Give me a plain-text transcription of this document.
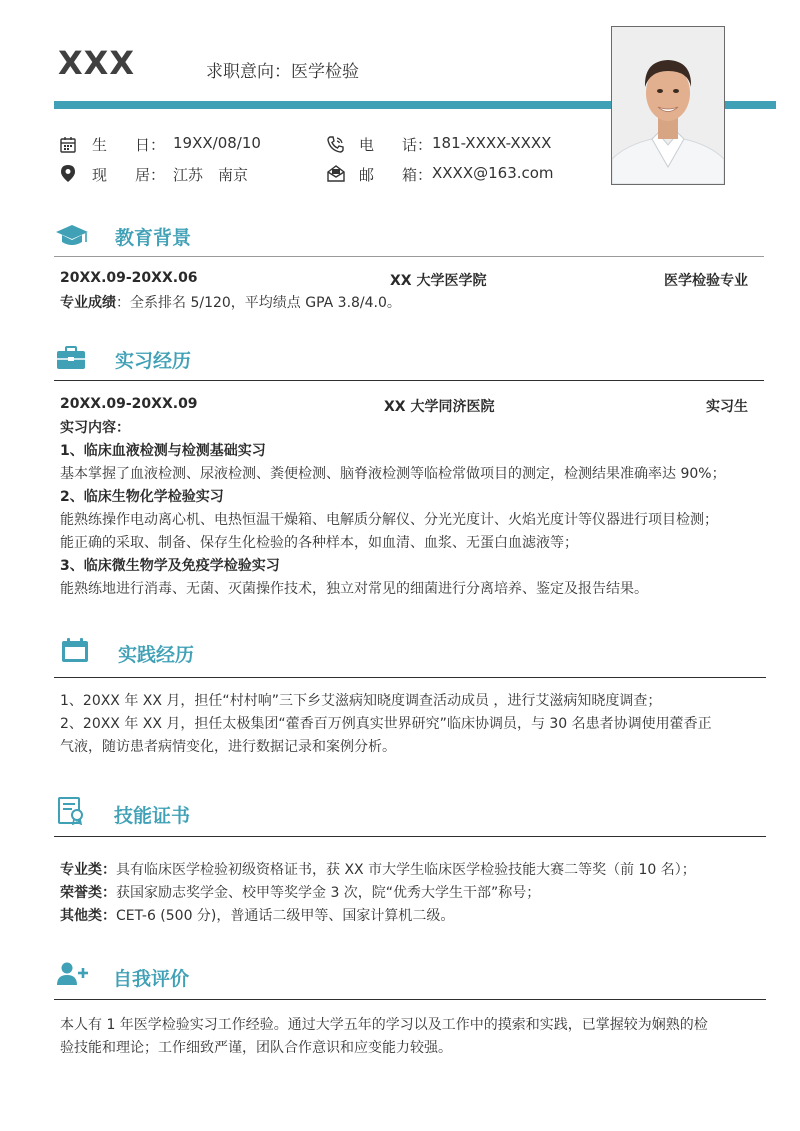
XXX	求职意向：医学检验
生 日： 19XX/08/10	电 话： 181-XXXX-XXXX
现 居： 江苏　南京	邮 箱： XXXX@163.com
教育背景
20XX.09-20XX.06	XX 大学医学院	医学检验专业
专业成绩：全系排名 5/120，平均绩点 GPA 3.8/4.0。
实习经历
20XX.09-20XX.09	XX 大学同济医院	实习生
实习内容：
1、临床血液检测与检测基础实习
基本掌握了血液检测、尿液检测、粪便检测、脑脊液检测等临检常做项目的测定，检测结果准确率达 90%；
2、临床生物化学检验实习
能熟练操作电动离心机、电热恒温干燥箱、电解质分解仪、分光光度计、火焰光度计等仪器进行项目检测；
能正确的采取、制备、保存生化检验的各种样本，如血清、血浆、无蛋白血滤液等；
3、临床微生物学及免疫学检验实习
能熟练地进行消毒、无菌、灭菌操作技术，独立对常见的细菌进行分离培养、鉴定及报告结果。
实践经历
1、20XX 年 XX 月，担任“村村响”三下乡艾滋病知晓度调查活动成员 ，进行艾滋病知晓度调查；
2、20XX 年 XX 月，担任太极集团“藿香百万例真实世界研究”临床协调员，与 30 名患者协调使用藿香正
气液，随访患者病情变化，进行数据记录和案例分析。
技能证书
专业类：具有临床医学检验初级资格证书，获 XX 市大学生临床医学检验技能大赛二等奖（前 10 名）；
荣誉类：获国家励志奖学金、校甲等奖学金 3 次，院“优秀大学生干部”称号；
其他类：CET-6 (500 分)，普通话二级甲等、国家计算机二级。
自我评价
本人有 1 年医学检验实习工作经验。通过大学五年的学习以及工作中的摸索和实践，已掌握较为娴熟的检
验技能和理论；工作细致严谨，团队合作意识和应变能力较强。
